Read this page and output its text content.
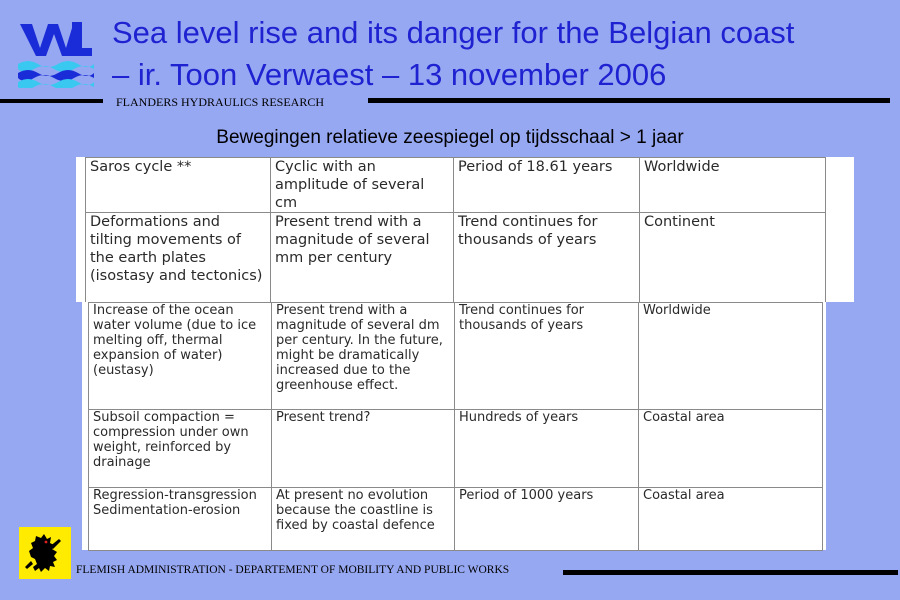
Sea level rise and its danger for the Belgian coast
– ir. Toon Verwaest – 13 november 2006
FLANDERS HYDRAULICS RESEARCH
Bewegingen relatieve zeespiegel op tijdsschaal > 1 jaar
Saros cycle **	Cyclic with an amplitude of several cm	Period of 18.61 years	Worldwide
Deformations and tilting movements of the earth plates (isostasy and tectonics)	Present trend with a magnitude of several mm per century	Trend continues for thousands of years	Continent
Increase of the ocean water volume (due to ice melting off, thermal expansion of water) (eustasy)	Present trend with a magnitude of several dm per century. In the future, might be dramatically increased due to the greenhouse effect.	Trend continues for thousands of years	Worldwide
Subsoil compaction = compression under own weight, reinforced by drainage	Present trend?	Hundreds of years	Coastal area
Regression-transgression Sedimentation-erosion	At present no evolution because the coastline is fixed by coastal defence	Period of 1000 years	Coastal area
FLEMISH ADMINISTRATION - DEPARTEMENT OF MOBILITY AND PUBLIC WORKS
